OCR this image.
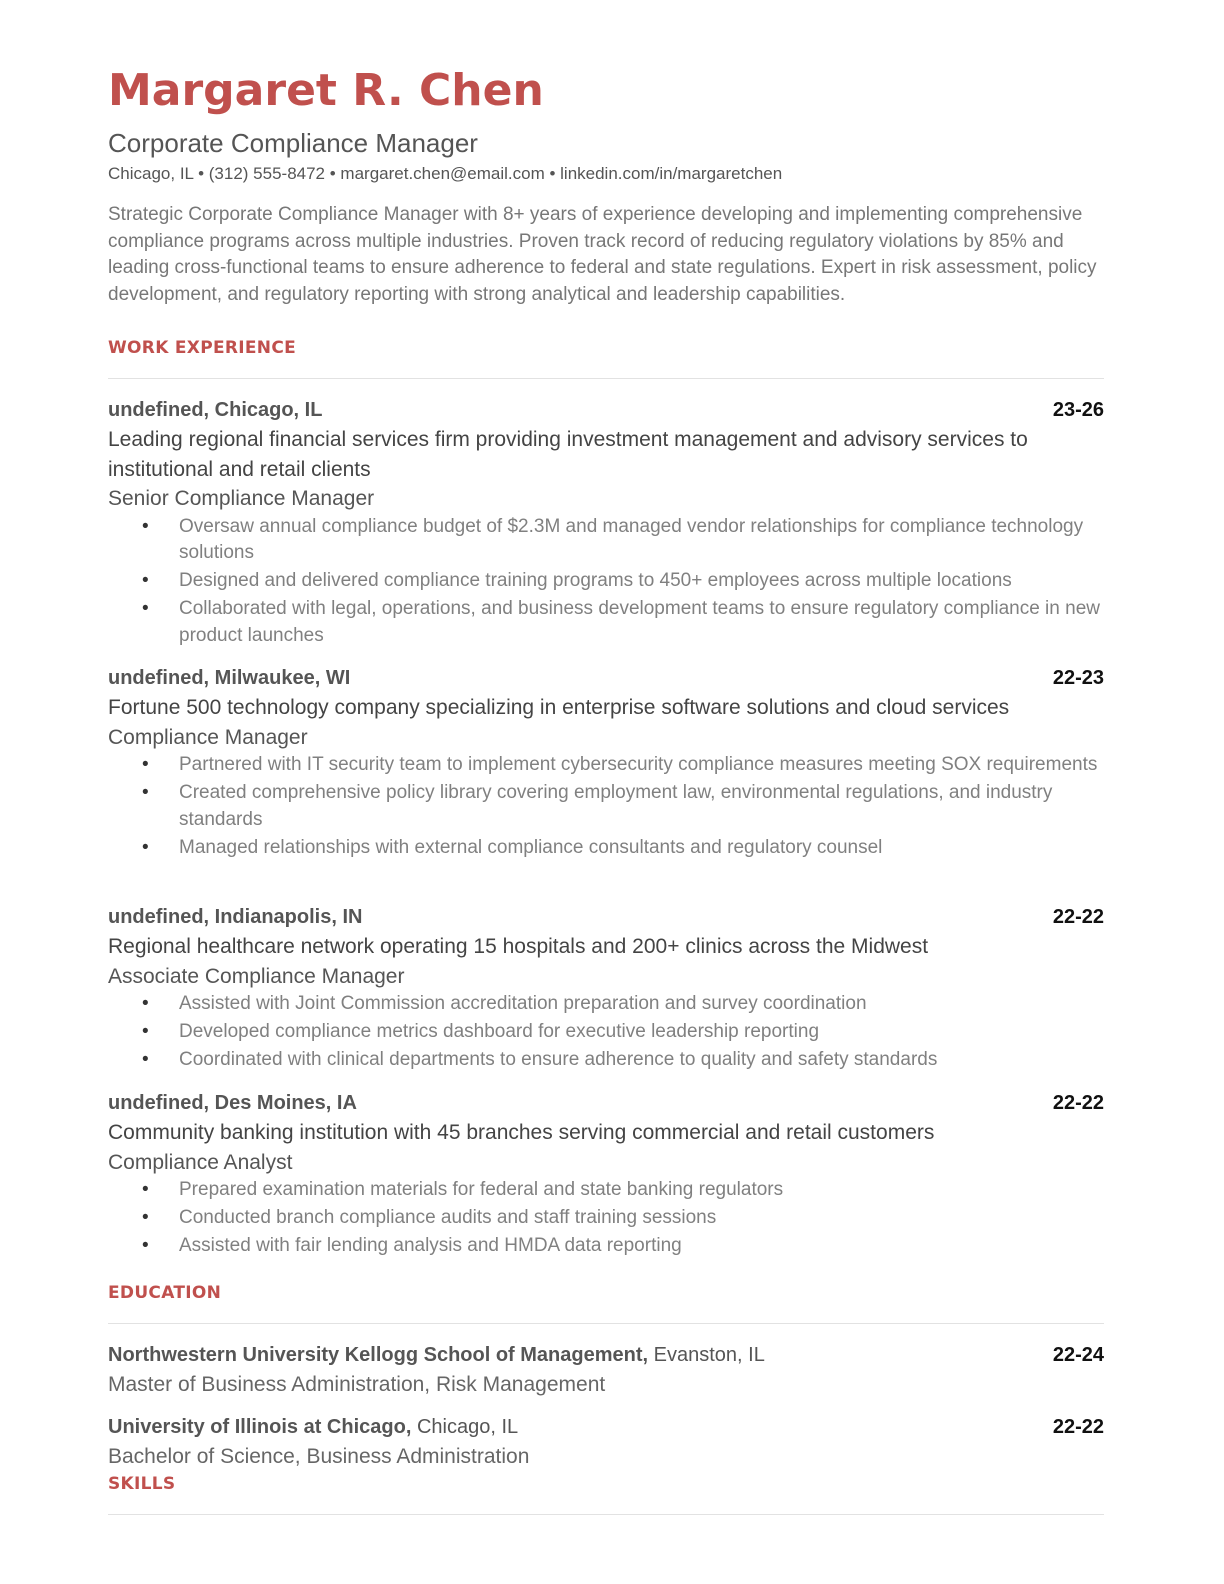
Margaret R. Chen
Corporate Compliance Manager
Chicago, IL • (312) 555-8472 • margaret.chen@email.com • linkedin.com/in/margaretchen
Strategic Corporate Compliance Manager with 8+ years of experience developing and implementing comprehensive compliance programs across multiple industries. Proven track record of reducing regulatory violations by 85% and leading cross-functional teams to ensure adherence to federal and state regulations. Expert in risk assessment, policy development, and regulatory reporting with strong analytical and leadership capabilities.
WORK EXPERIENCE
undefined, Chicago, IL	23-26
Leading regional financial services firm providing investment management and advisory services to institutional and retail clients
Senior Compliance Manager
• Oversaw annual compliance budget of $2.3M and managed vendor relationships for compliance technology solutions
• Designed and delivered compliance training programs to 450+ employees across multiple locations
• Collaborated with legal, operations, and business development teams to ensure regulatory compliance in new product launches
undefined, Milwaukee, WI	22-23
Fortune 500 technology company specializing in enterprise software solutions and cloud services
Compliance Manager
• Partnered with IT security team to implement cybersecurity compliance measures meeting SOX requirements
• Created comprehensive policy library covering employment law, environmental regulations, and industry standards
• Managed relationships with external compliance consultants and regulatory counsel
undefined, Indianapolis, IN	22-22
Regional healthcare network operating 15 hospitals and 200+ clinics across the Midwest
Associate Compliance Manager
• Assisted with Joint Commission accreditation preparation and survey coordination
• Developed compliance metrics dashboard for executive leadership reporting
• Coordinated with clinical departments to ensure adherence to quality and safety standards
undefined, Des Moines, IA	22-22
Community banking institution with 45 branches serving commercial and retail customers
Compliance Analyst
• Prepared examination materials for federal and state banking regulators
• Conducted branch compliance audits and staff training sessions
• Assisted with fair lending analysis and HMDA data reporting
EDUCATION
Northwestern University Kellogg School of Management, Evanston, IL	22-24
Master of Business Administration, Risk Management
University of Illinois at Chicago, Chicago, IL	22-22
Bachelor of Science, Business Administration
SKILLS
